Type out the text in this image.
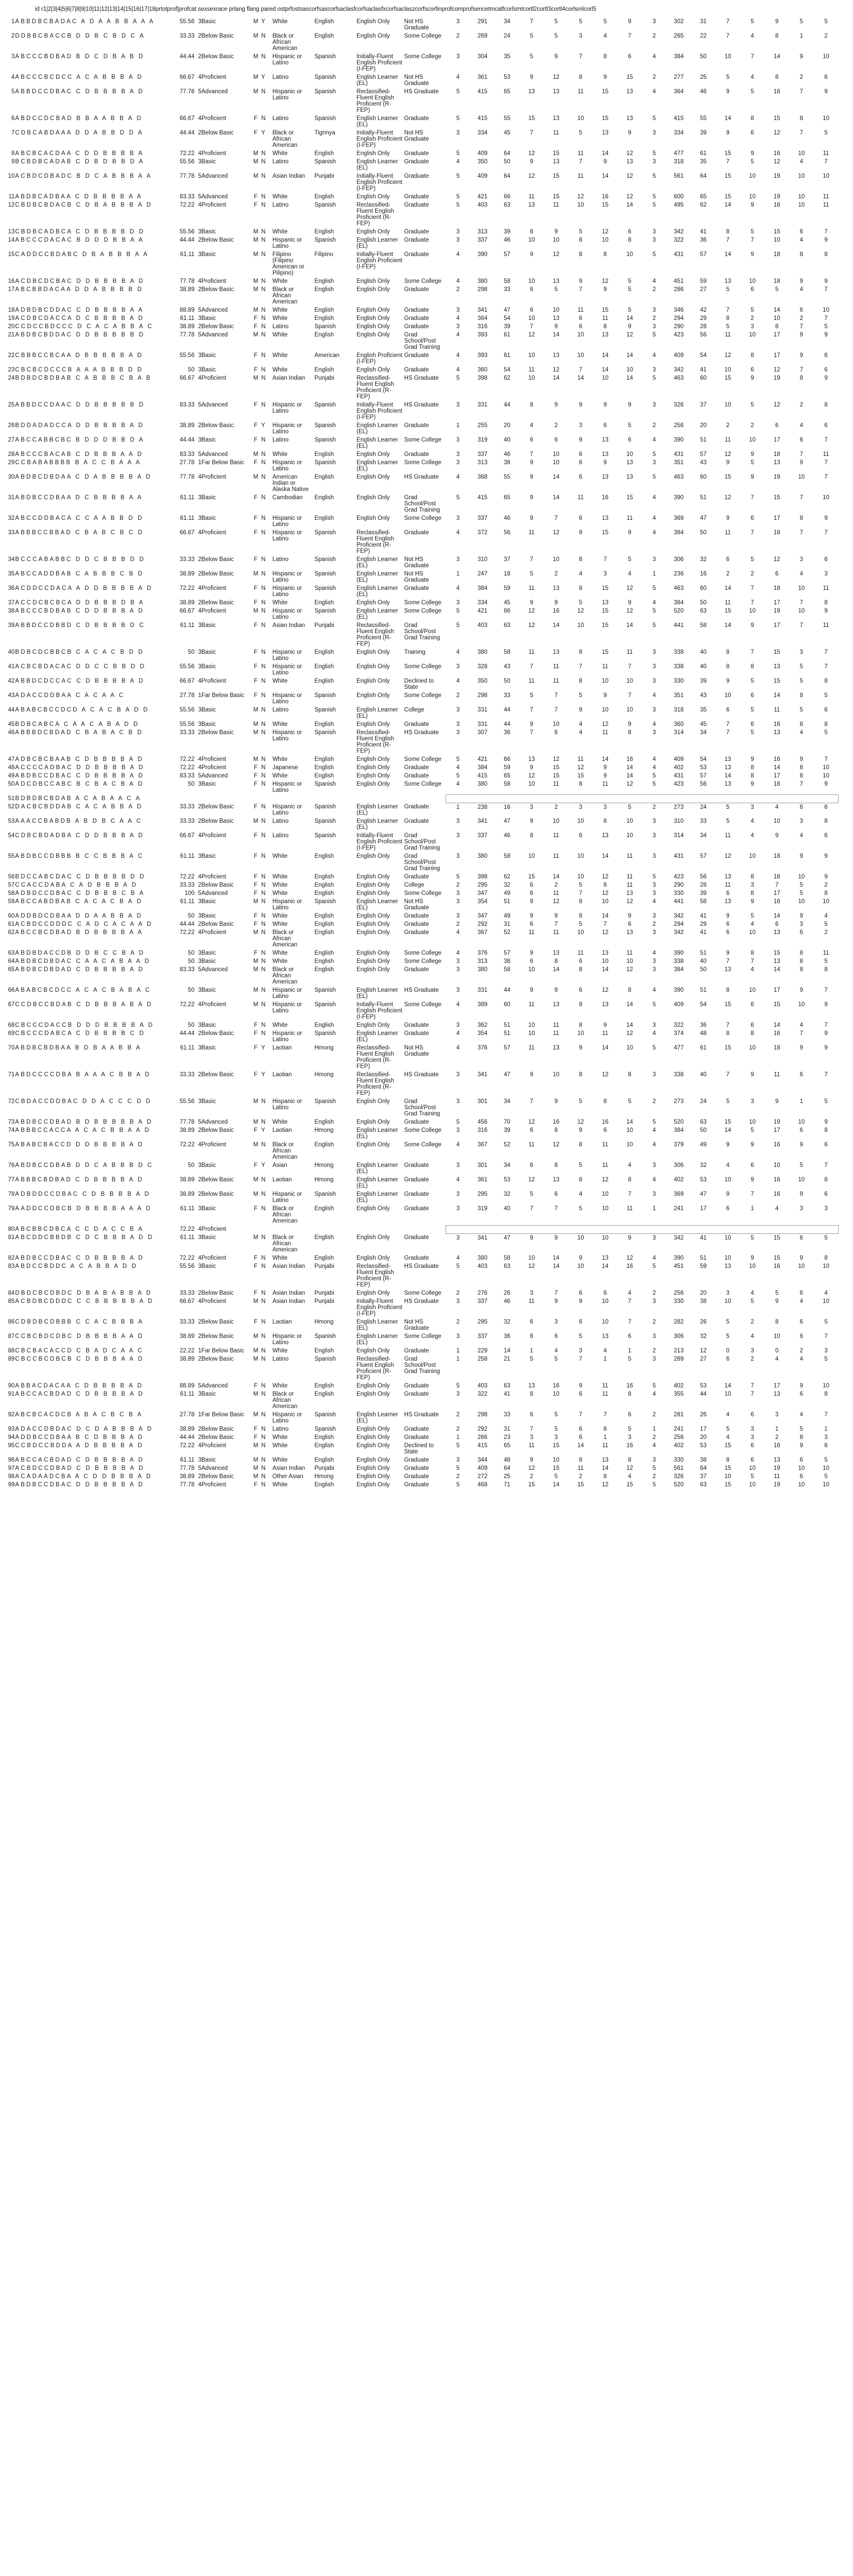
id r1|2|3|4|5|6|7|8|9|10|11|12|13|14|15|16|17|18prtotprof|profcat sexsexrace prlang flang pared ostprfostsascorfsascorfsaclasfcorfsaclasfxcorfsaclaszcorfscorfinprofcomprofsencetmcatfcorlsmtcortl2cortl3cortl4corlsmlcorl5
1	ABBDBCBADAC A D A A B B A A A	55.56	3Basic	M	Y	White	English	English Only	Not HS Graduate	3	291	34	7	5	5	5	9	3	302	31	7	5	9	5	5
2	DDBBCBACCB D D B C B D C A	33.33	2Below Basic	M	N	Black or African American	English	English Only	Some College	2	269	24	5	5	3	4	7	2	265	22	7	4	8	1	2
3	ABCCCBDBAD B D C D B A B D	44.44	2Below Basic	M	N	Hispanic or Latino	Spanish	Initially-Fluent English Proficient (I-FEP)	Some College	3	304	35	5	9	7	8	6	4	384	50	10	7	14	9	10
4	ABCCCBCDCC A C A B B B A D	66.67	4Proficient	M	Y	Latino	Spanish	English Learner (EL)	Not HS Graduate	4	361	53	9	12	8	9	15	2	277	25	5	4	8	2	6
5	ABBDCCDBAC C D B B B B A D	77.78	5Advanced	M	N	Hispanic or Latino	Spanish	Reclassified-Fluent English Proficient (R-FEP)	HS Graduate	5	415	65	13	13	11	15	13	4	364	46	9	5	16	7	9
6	ABDCCDCBAD B B A A B B A D	66.67	4Proficient	F	N	Latino	Spanish	English Learner (EL)	Graduate	5	415	55	15	13	10	15	13	5	415	55	14	8	15	8	10
7	CDBCABDAAA D D A B B D D A	44.44	2Below Basic	F	Y	Black or African American	Tigrinya	Initially-Fluent English Proficient (I-FEP)	Not HS Graduate	3	334	45	7	11	5	13	9	3	334	39	9	6	12	7	5
8	ABCBCACDAA C D D B B B B A	72.22	4Proficient	M	N	White	English	English Only	Graduate	5	409	64	12	15	11	14	12	5	477	61	15	9	16	10	11
9	BCBDBCADAB C D B D B B D A	55.56	3Basic	M	N	Latino	Spanish	English Learner (EL)	Graduate	4	350	50	9	13	7	9	13	3	318	35	7	5	12	4	7
10	ACBDCDBADC B D C A B B B A A	77.78	5Advanced	M	N	Asian Indian	Punjabi	Initially-Fluent English Proficient (I-FEP)	Graduate	5	409	64	12	15	11	14	12	5	561	64	15	10	19	10	10
11	ABDBCADBAA C D B B B B A A	83.33	5Advanced	F	N	White	English	English Only	Graduate	5	421	66	11	15	12	16	12	5	600	65	15	10	19	10	11
12	CBDBCBDACB C D B A B B B A D	72.22	4Proficient	F	N	Latino	Spanish	Reclassified-Fluent English Proficient (R-FEP)	Graduate	5	403	63	13	11	10	15	14	5	495	62	14	9	16	10	11
13	CBDBCADBCA C D B B B B D D	55.56	3Basic	M	N	White	English	English Only	Graduate	3	313	39	6	9	5	12	6	3	342	41	8	5	15	6	7
14	ABCCCDACAC B D D D B B A A	44.44	2Below Basic	M	N	Hispanic or Latino	Spanish	English Learner (EL)	Graduate	3	337	46	10	10	8	10	8	3	322	36	7	7	10	4	9
15	CADDCCBDABC D B A B B B A A	61.11	3Basic	M	N	Filipino (Filipino American or Pilipino)	Filipino	Initially-Fluent English Proficient (I-FEP)	Graduate	4	390	57	9	12	8	8	10	5	431	57	14	9	18	8	8
16	ACDBCDCBAC D D B B B B A D	77.78	4Proficient	M	N	White	English	English Only	Some College	4	380	58	10	13	9	12	5	4	451	59	13	10	18	9	9
17	ABCBBDACAA D D A B B B B D	38.89	2Below Basic	M	N	Black or African American	English	English Only	Graduate	2	298	33	6	5	7	9	5	2	286	27	5	6	5	4	7
18	ADBDBCDDAC C D B B B B A A	88.89	5Advanced	M	N	White	English	English Only	Graduate	3	341	47	6	10	11	15	5	3	346	42	7	5	14	6	10
19	ACDBCDACCA D C B B B B A D	61.11	3Basic	F	N	White	English	English Only	Graduate	4	364	54	10	13	6	11	14	2	294	29	8	2	10	2	7
20	CCDCCBDCCC D C A C A B B A C	38.89	2Below Basic	F	N	Latino	Spanish	English Only	Graduate	3	316	39	7	9	6	8	9	3	290	28	5	3	8	7	5
21	ABDBCBDDAC D D B B B B B D	77.78	5Advanced	M	N	White	English	English Only	Grad School/Post Grad Training	4	393	61	12	14	10	13	12	5	423	56	11	10	17	9	9
22	CBBBCCBCAA D B B B B B A D	55.56	3Basic	F	N	White	American	English Proficient (I-FEP)	Graduate	4	393	61	10	13	10	14	14	4	409	54	12	8	17	9	6
23	CBCBCDCCCB A A A B B B D D	50	3Basic	F	N	White	English	English Only	Graduate	4	360	54	11	12	7	14	10	3	342	41	10	6	12	7	6
24	BDBDCBDBAB C A B B B C B A B	66.67	4Proficient	M	N	Asian Indian	Punjabi	Reclassified-Fluent English Proficient (R-FEP)	HS Graduate	5	398	62	10	14	14	10	14	5	463	60	15	9	19	8	9
25	ABBDCCDAAC D D B B B B B D	83.33	5Advanced	F	N	Hispanic or Latino	Spanish	Initially-Fluent English Proficient (I-FEP)	HS Graduate	3	331	44	8	9	9	9	9	3	326	37	10	5	12	2	8
26	BDDADADCCA D D B B B B A D	38.89	2Below Basic	F	Y	Hispanic or Latino	Spanish	English Learner (EL)	Graduate	1	255	20	4	2	3	6	5	2	256	20	2	2	6	4	6
27	ABCCABBCBC B D D D B B D A	44.44	3Basic	F	N	Latino	Spanish	English Learner (EL)	Some College	3	319	40	6	6	9	13	6	4	390	51	11	10	17	6	7
28	ABCCCBACAB C D B B B A A D	83.33	5Advanced	M	N	White	English	English Only	Graduate	3	337	46	7	10	6	13	10	5	431	57	12	9	18	7	11
29	CCBABABBBB B A C C B A A A	27.78	1Far Below Basic	F	N	Hispanic or Latino	Spanish	English Learner (EL)	Some College	3	313	38	9	10	6	9	13	3	351	43	9	5	13	9	7
30	ABDBCDBDAA C D A B B B B A D	77.78	4Proficient	M	N	American Indian or Alaska Native	English	English Only	HS Graduate	4	368	55	9	14	6	13	13	5	463	60	15	9	19	10	7
31	ABDBCCDBAA D C B B B B A A	61.11	3Basic	F	N	Cambodian	English	English Only	Grad School/Post Grad Training	5	415	65	9	14	11	16	15	4	390	51	12	7	15	7	10
32	ABCCDDBACA C C A A B B D D	61.11	3Basic	F	N	Hispanic or Latino	English	English Only	Some College	3	337	46	9	7	6	13	11	4	369	47	9	6	17	8	9
33	ABBBCCBBAD C B A B C B C D	66.67	4Proficient	F	N	Hispanic or Latino	Spanish	Reclassified-Fluent English Proficient (R-FEP)	Graduate	4	372	56	11	12	9	15	9	4	384	50	11	7	18	7	7
34	BCCCABABBC D D C B B B D D	33.33	2Below Basic	F	N	Latino	Spanish	English Learner (EL)	Not HS Graduate	3	310	37	7	10	8	7	5	3	306	32	6	5	12	3	6
35	ABCCADDBAB C A B B B C B D	38.89	2Below Basic	M	N	Hispanic or Latino	Spanish	English Learner (EL)	Not HS Graduate	1	247	18	5	2	4	3	4	1	236	16	2	2	6	4	3
36	ACDDCCDACA A D D B B B B A D	72.22	4Proficient	F	N	Hispanic or Latino	Spanish	English Learner (EL)	Graduate	4	384	59	11	13	8	15	12	5	463	60	14	7	18	10	11
37	ACCDCBCBCA D D B B B D B A	38.89	2Below Basic	F	N	White	English	English Only	Some College	3	334	45	9	9	5	13	9	4	384	50	11	7	17	7	8
38	ABCCCBDBAB C D D B B B A D	66.67	4Proficient	M	N	Hispanic or Latino	Spanish	English Learner (EL)	Some College	5	421	66	12	16	12	15	12	5	520	63	15	10	19	10	9
39	ABBDCCDBBD C D B B B B D C	61.11	3Basic	F	N	Asian Indian	Punjabi	Reclassified-Fluent English Proficient (R-FEP)	Grad School/Post Grad Training	5	403	63	12	14	10	15	14	5	441	58	14	9	17	7	11
40	BDBCDCBBCB C A C A C B D D	50	3Basic	F	N	Hispanic or Latino	English	English Only	Training	4	380	58	11	13	8	15	11	3	338	40	8	7	15	3	7
41	ACBCBDACAC D D C C B B D D	55.56	3Basic	F	N	Hispanic or Latino	English	English Only	Some College	3	328	43	7	11	7	11	7	3	338	40	8	8	13	5	7
42	ABBDCDCCAC C D B B B B A D	66.67	4Proficient	F	N	White	English	English Only	Declined to State	4	350	50	11	11	8	10	10	3	330	39	9	5	15	5	8
43	ADACCDDBAA C A C A A C	27.78	1Far Below Basic	F	N	Hispanic or Latino	Spanish	English Only	Some College	2	298	33	5	7	5	9	7	4	351	43	10	6	14	8	5
44	ABABCBCCDCD A C A C B A D D	55.56	3Basic	M	N	Latino	Spanish	English Learner (EL)	College	3	331	44	7	7	9	10	10	3	318	35	6	5	11	5	6
45	BDBCABCA C A A C A B A D D	55.56	3Basic	M	N	White	English	English Only	Graduate	3	331	44	9	10	4	12	9	4	360	45	7	6	16	8	8
46	ABBBDCBDAD C B A B A C B D	33.33	2Below Basic	M	N	Hispanic or Latino	Spanish	Reclassified-Fluent English Proficient (R-FEP)	HS Graduate	3	307	36	7	6	4	11	8	3	314	34	7	5	13	4	5
47	ADBCBCBAAB C D B B B B A D	72.22	4Proficient	M	N	White	English	English Only	Some College	5	421	66	13	12	11	14	16	4	409	54	13	9	16	9	7
48	ACCCCADBAC D D B B B B A D	72.22	4Proficient	F	N	Japanese	English	English Only	Graduate	4	384	59	9	15	12	9	14	4	402	53	13	8	14	8	10
49	ABDBCCDBAC C D B B B B A D	83.33	5Advanced	F	N	White	English	English Only	Graduate	5	415	65	12	15	15	9	14	5	431	57	14	8	17	8	10
50	ADCDBCCABC B C B A C B A D	50	3Basic	F	N	Hispanic or Latino	Spanish	English Only	Some College	4	380	58	10	11	8	11	12	5	423	56	13	9	18	7	9
51	BDBDBCBDAB A C A B A A C A																								
52	DACBCBDDAB C A C A B B A D	33.33	2Below Basic	F	N	Hispanic or Latino	Spanish	English Learner (EL)	Graduate	1	238	16	3	2	3	3	5	2	273	24	5	3	4	6	6
53	AAACCBABDB A B D B C A A C	33.33	2Below Basic	M	N	Latino	Spanish	English Learner (EL)	Graduate	3	341	47	9	10	10	8	10	3	310	33	5	4	10	3	8
54	CDBCBDADBA C D D B B B A D	66.67	4Proficient	F	N	Latino	Spanish	Initially-Fluent English Proficient (I-FEP)	Grad School/Post Grad Training	3	337	46	8	11	6	13	10	3	314	34	11	4	9	4	6
55	ABDBCCDBBB B C C B B B A C	61.11	3Basic	F	N	White	English	English Only	Grad School/Post Grad Training	3	380	58	10	11	10	14	11	3	431	57	12	10	18	9	9
56	BDCCABCDAC C D B B B B D D	72.22	4Proficient	F	N	White	English	English Only	Graduate	5	398	62	15	14	10	12	11	5	423	56	13	8	16	10	9
57	CCACCDABA C A D B B B A D	33.33	2Below Basic	F	N	White	English	English Only	College	2	295	32	6	2	5	8	11	3	290	28	11	3	7	5	2
58	ADBDCCDBAC C D B B B C B A	100	5Advanced	F	N	White	English	English Only	Some College	3	347	49	6	11	7	12	13	3	330	39	6	8	17	5	8
59	ABCCABDBAB C A C A C B A D	61.11	3Basic	M	N	Hispanic or Latino	Spanish	English Learner (EL)	Not HS Graduate	3	354	51	9	12	8	10	12	4	441	58	13	9	16	10	10
60	ADDBDCDBAA D D A A B B A D	50	3Basic	F	N	White	English	English Only	Graduate	3	347	49	9	9	8	14	9	3	342	41	9	5	14	9	4
61	ACBDCCDDDC C A D C A C A A D	44.44	2Below Basic	F	N	White	English	English Only	Graduate	2	292	31	6	7	5	7	6	2	294	29	6	4	6	3	5
62	ABCCBCDBAD B D B B B B A A	72.22	4Proficient	M	N	Black or African American	English	English Only	Graduate	4	367	52	11	11	10	12	13	3	342	41	6	10	13	6	2
63	ABDBDACCDB D D B C C B A D	50	3Basic	F	N	White	English	English Only	Some College	4	376	57	9	13	11	13	11	4	390	51	9	8	15	8	11
64	ABDBCDBDAC C A A C A B A A D	50	3Basic	M	N	White	English	English Only	Some College	3	313	38	6	8	6	10	10	3	338	40	7	7	13	8	5
65	ABDBCDBDAD C D B B B B A D	83.33	5Advanced	M	N	Black or African American	English	English Only	Graduate	3	380	58	10	14	8	14	12	3	384	50	13	4	14	8	8
66	ABABCBCDCC A C A C B A B A C	50	3Basic	M	N	Hispanic or Latino	Spanish	English Learner (EL)	HS Graduate	3	331	44	9	9	6	12	8	4	390	51	8	10	17	9	7
67	CCDBCCBDAB C D B B B A B A D	72.22	4Proficient	M	N	Hispanic or Latino	Spanish	Initially-Fluent English Proficient (I-FEP)	Some College	4	389	60	11	13	9	13	14	5	409	54	15	6	15	10	9
68	CBCCCDACCB D D D B B B B A D	50	3Basic	F	N	White	English	English Only	Graduate	3	362	51	10	11	8	9	14	3	322	36	7	6	14	4	7
69	CBCCCDABCA C D B B B B C D	44.44	2Below Basic	F	N	Hispanic or Latino	Spanish	English Learner (EL)	Graduate	4	354	51	10	11	10	11	12	4	374	48	8	8	16	7	9
70	ABDBCBDBAA B D B A A B B A	61.11	3Basic	F	Y	Laotian	Hmong	Reclassified-Fluent English Proficient (R-FEP)	Not HS Graduate	4	376	57	11	13	9	14	10	5	477	61	15	10	18	9	9
71	ABDCCCCDBA B A A A C B B A D	33.33	2Below Basic	F	Y	Laotian	Hmong	Reclassified-Fluent English Proficient (R-FEP)	HS Graduate	3	341	47	9	10	8	12	8	3	338	40	7	9	11	6	7
72	CBDACCDDBAC D D A C C C D D	55.56	3Basic	M	N	Hispanic or Latino	Spanish	English Only	Grad School/Post Grad Training	3	301	34	7	9	5	8	5	2	273	24	5	3	9	1	5
73	ABDBCCDBAD B D B B B B B A D	77.78	5Advanced	M	N	White	English	English Only	Graduate	5	456	70	12	16	12	16	14	5	520	63	15	10	19	10	9
74	ABBBCCACCA A C A C B B A A D	38.89	2Below Basic	F	Y	Laotian	Hmong	English Learner (EL)	Some College	3	316	39	6	8	9	6	10	4	384	50	14	5	17	6	8
75	ABABCBACCD D D B B B B A D	72.22	4Proficient	M	N	Black or African American	English	English Only	Some College	4	367	52	11	12	8	11	10	4	379	49	9	9	16	9	6
76	ABDBCCDBAB D D C A B B B D C	50	3Basic	F	Y	Asian	Hmong	English Learner (EL)	Graduate	3	301	34	6	8	5	11	4	3	306	32	4	6	10	5	7
77	ABBBCBDBAD C D B B B B A D	38.89	2Below Basic	M	N	Laotian	Hmong	English Learner (EL)	Graduate	4	361	53	12	13	8	12	8	4	402	53	10	9	16	10	8
78	ADBDDCCDBAC C D B B B B A D	38.89	2Below Basic	M	N	Hispanic or Latino	Spanish	English Learner (EL)	Graduate	3	295	32	5	6	4	10	7	3	369	47	9	7	16	9	6
79	AADDCCDBCB D B B B B A A A D	61.11	3Basic	F	N	Black or African American	English	English Only	Graduate	3	319	40	7	7	5	10	11	1	241	17	6	1	4	3	3
80	ABCBBCDBCA C C D A C C B A	72.22	4Proficient																						
81	ABCDDCBBDB C D C B B B A D D	61.11	3Basic	M	N	Black or African American	English	English Only	Graduate	3	341	47	9	9	10	10	9	3	342	41	10	5	15	6	5
82	ABDBCCDBAC C D B B B B A D	72.22	4Proficient	F	N	White	English	English Only	Graduate	4	380	58	10	14	9	13	12	4	390	51	10	9	15	9	8
83	ABDCCBDDC A C A B B A D D	55.56	3Basic	F	N	Asian Indian	Punjabi	Reclassified-Fluent English Proficient (R-FEP)	HS Graduate	5	403	63	12	14	10	14	16	5	451	59	13	10	16	10	10
84	DBDCBCDBDC D B A B A B B A D	33.33	2Below Basic	F	N	Asian Indian	Punjabi	English Only	Some College	2	276	26	3	7	6	6	4	2	256	20	3	4	5	6	4
85	ACBDBCDDDC C C B B B B B A D	66.67	4Proficient	M	N	Asian Indian	Punjabi	Initially-Fluent English Proficient (I-FEP)	HS Graduate	3	337	46	11	9	9	10	7	3	330	38	10	5	9	4	10
86	CDBDBCDBBB C C A C B B B A	33.33	2Below Basic	F	N	Laotian	Hmong	English Learner (EL)	Not HS Graduate	2	295	32	6	3	6	10	7	2	282	26	5	2	8	6	5
87	CCBCBDCDBC D B B B B A A D	38.89	2Below Basic	M	N	Hispanic or Latino	Spanish	English Learner (EL)	Some College	3	337	36	8	6	5	13	6	3	306	32	5	4	10	6	7
88	CBCBACACCD C B A D C A A C	22.22	1Far Below Basic	M	N	White	English	English Only	Graduate	1	229	14	1	4	3	4	1	2	213	12	0	3	0	2	3
89	CBCCBCDBCB C D B B B A A D	38.89	2Below Basic	M	N	Latino	Spanish	Reclassified-Fluent English Proficient (R-FEP)	Grad School/Post Grad Training	1	258	21	5	5	7	1	5	3	289	27	6	2	4	4	5
90	ABBACDACAA C D B B B B A D	88.89	5Advanced	F	N	White	English	English Only	Graduate	5	403	63	13	16	9	11	16	5	402	53	14	7	17	9	10
91	ABCCACBDAD C D B B B B A D	61.11	3Basic	M	N	Black or African American	English	English Only	Graduate	3	322	41	8	10	6	11	8	4	355	44	10	7	13	6	8
92	ABCBCACDCB A B A C B C B A	27.78	1Far Below Basic	M	N	Hispanic or Latino	Spanish	English Learner (EL)	HS Graduate	2	298	33	6	5	7	7	6	2	281	26	4	6	3	4	7
93	ADACCDBDAC D C D A B B B A D	38.89	2Below Basic	F	N	Latino	Spanish	English Only	Graduate	2	292	31	7	5	6	8	5	1	241	17	5	3	1	5	1
94	ADDBCCDBAA B C D B B B A D	44.44	2Below Basic	F	N	White	English	English Only	Graduate	1	266	23	3	3	6	1	3	2	256	20	4	3	2	8	3
95	CCBDCCBDDA A D B B B B A D	72.22	4Proficient	M	N	White	English	English Only	Declined to State	5	415	65	11	15	14	11	16	4	402	53	15	6	16	9	6
96	ABCCACBDAD C D B B B B A D	61.11	3Basic	M	N	White	English	English Only	Graduate	3	344	48	9	10	8	13	8	3	330	38	8	6	13	6	5
97	ACBDCCDBAD C D B B B B A D	77.78	5Advanced	M	N	Asian Indian	Punjabi	English Only	Graduate	5	409	64	12	15	11	14	12	5	561	64	15	10	19	10	10
98	ACADAADCBA A C D D B B B A D	38.89	2Below Basic	M	N	Other Asian	Hmong	English Only	Graduate	2	272	25	2	5	2	8	4	2	326	37	10	5	11	6	5
99	ABDBCCDBAC D D B B B B A D	77.78	4Proficient	F	N	White	English	English Only	Graduate	5	468	71	15	14	15	12	15	5	520	63	15	10	19	10	10
